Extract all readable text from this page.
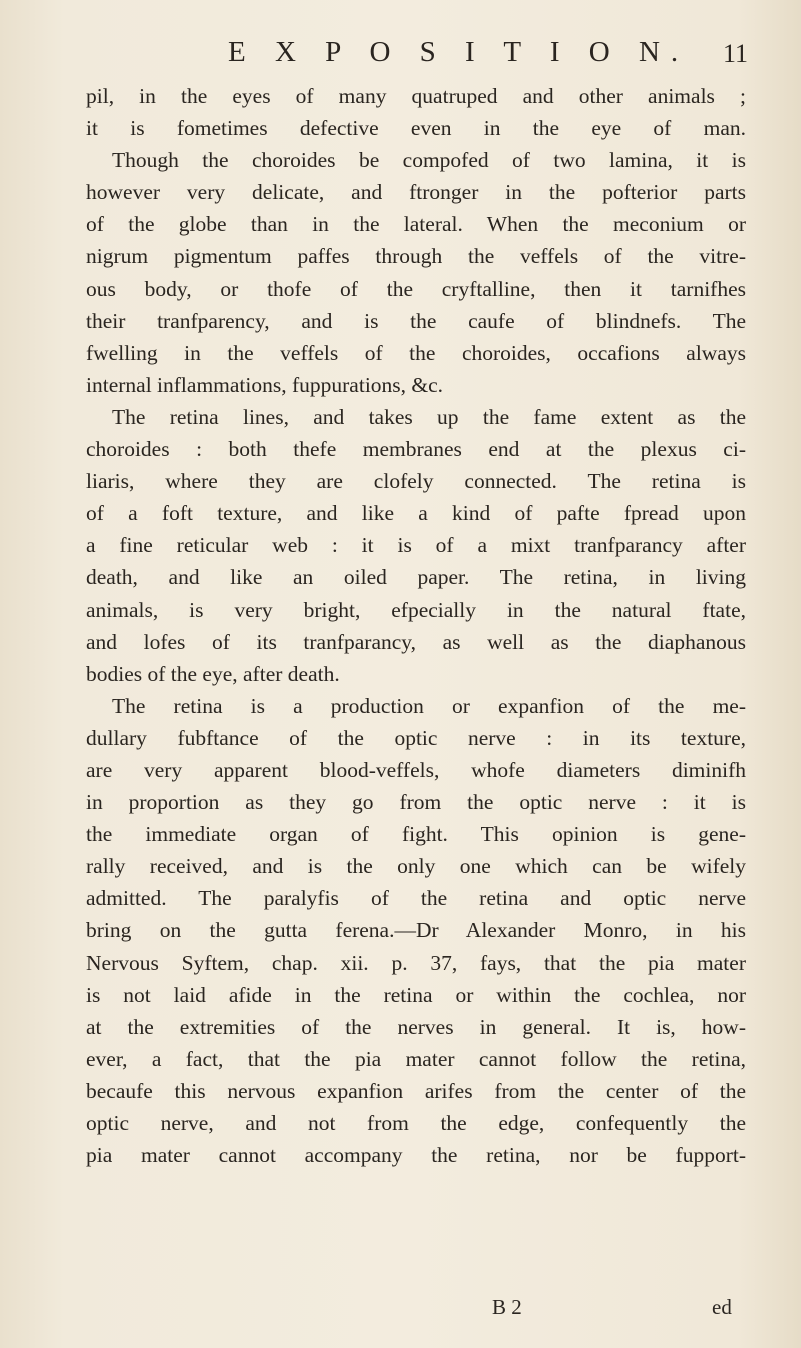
E X P O S I T I O N. 11
pil, in the eyes of many quatruped and other animals ;
it is fometimes defective even in the eye of man.
Though the choroides be compofed of two lamina, it is
however very delicate, and ftronger in the pofterior parts
of the globe than in the lateral. When the meconium or
nigrum pigmentum paffes through the veffels of the vitre-
ous body, or thofe of the cryftalline, then it tarnifhes
their tranfparency, and is the caufe of blindnefs. The
fwelling in the veffels of the choroides, occafions always
internal inflammations, fuppurations, &c.
The retina lines, and takes up the fame extent as the
choroides : both thefe membranes end at the plexus ci-
liaris, where they are clofely connected. The retina is
of a foft texture, and like a kind of pafte fpread upon
a fine reticular web : it is of a mixt tranfparancy after
death, and like an oiled paper. The retina, in living
animals, is very bright, efpecially in the natural ftate,
and lofes of its tranfparancy, as well as the diaphanous
bodies of the eye, after death.
The retina is a production or expanfion of the me-
dullary fubftance of the optic nerve : in its texture,
are very apparent blood-veffels, whofe diameters diminifh
in proportion as they go from the optic nerve : it is
the immediate organ of fight. This opinion is gene-
rally received, and is the only one which can be wifely
admitted. The paralyfis of the retina and optic nerve
bring on the gutta ferena.—Dr Alexander Monro, in his
Nervous Syftem, chap. xii. p. 37, fays, that the pia mater
is not laid afide in the retina or within the cochlea, nor
at the extremities of the nerves in general. It is, how-
ever, a fact, that the pia mater cannot follow the retina,
becaufe this nervous expanfion arifes from the center of the
optic nerve, and not from the edge, confequently the
pia mater cannot accompany the retina, nor be fupport-
B 2	ed
